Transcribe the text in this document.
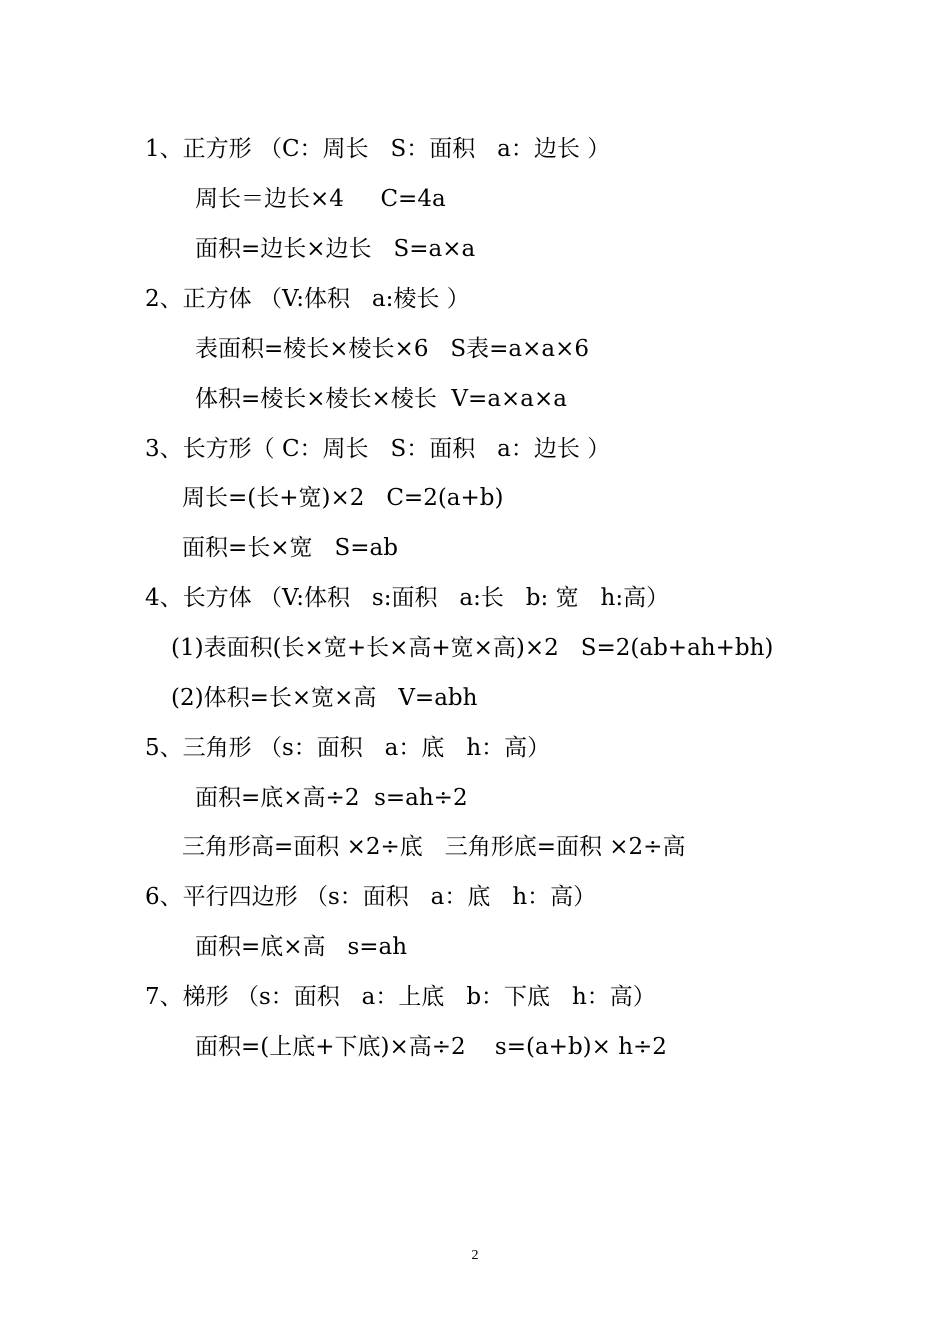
1、正方形 （C：周长   S：面积   a：边长 ）
周长＝边长×4     C=4a
面积=边长×边长   S=a×a
2、正方体 （V:体积   a:棱长 ）
表面积=棱长×棱长×6   S表=a×a×6
体积=棱长×棱长×棱长  V=a×a×a
3、长方形（ C：周长   S：面积   a：边长 ）
周长=(长+宽)×2   C=2(a+b)
面积=长×宽   S=ab
4、长方体 （V:体积   s:面积   a:长   b: 宽   h:高）
(1)表面积(长×宽+长×高+宽×高)×2   S=2(ab+ah+bh)
(2)体积=长×宽×高   V=abh
5、三角形 （s：面积   a：底   h：高）
面积=底×高÷2  s=ah÷2
三角形高=面积 ×2÷底   三角形底=面积 ×2÷高
6、平行四边形 （s：面积   a：底   h：高）
面积=底×高   s=ah
7、梯形 （s：面积   a：上底   b：下底   h：高）
面积=(上底+下底)×高÷2    s=(a+b)× h÷2
2
